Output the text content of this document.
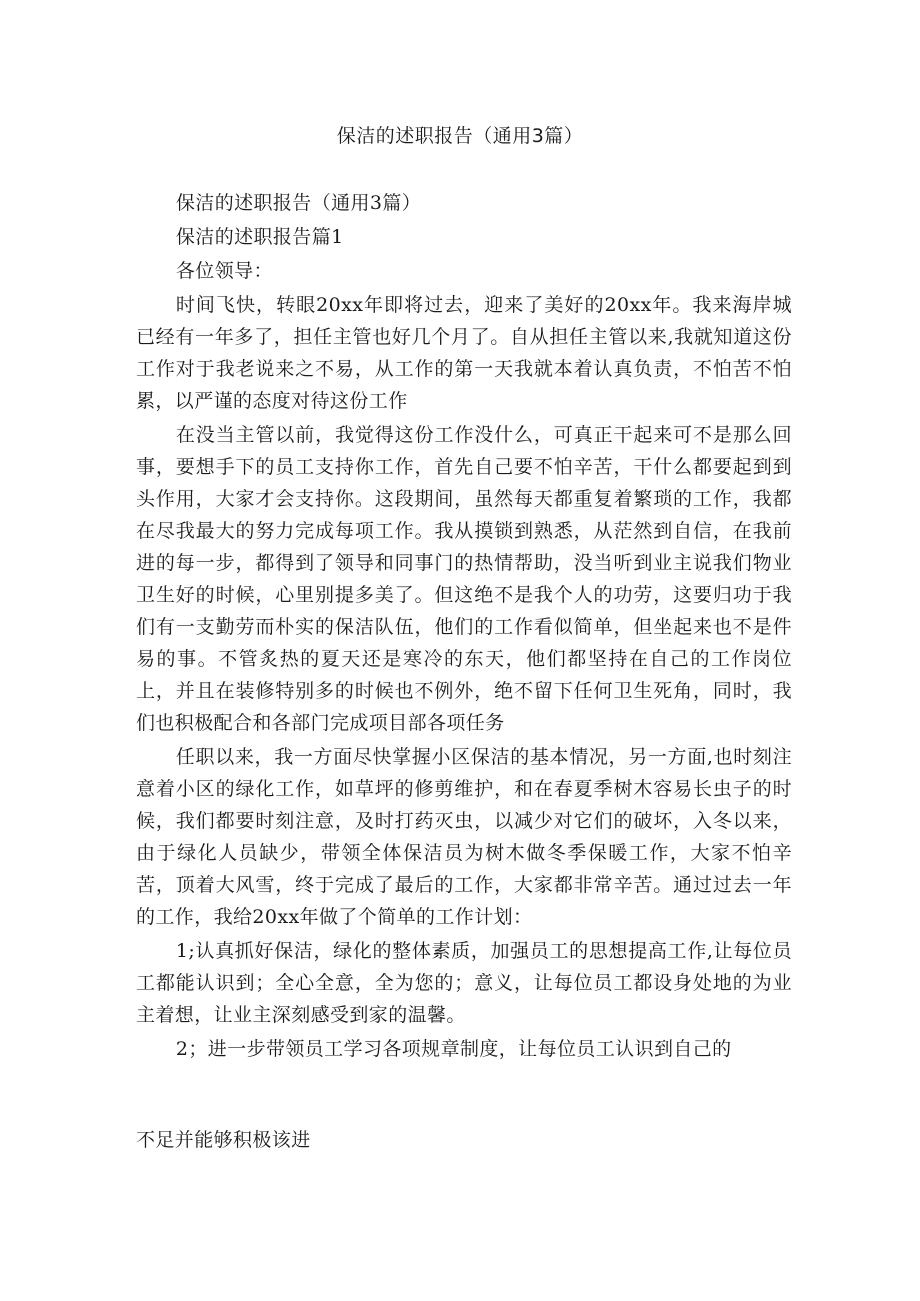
保洁的述职报告（通用3篇）

保洁的述职报告（通用3篇）

保洁的述职报告篇1

各位领导：

时间飞快，转眼20xx年即将过去，迎来了美好的20xx年。我来海岸城已经有一年多了，担任主管也好几个月了。自从担任主管以来,我就知道这份工作对于我老说来之不易，从工作的第一天我就本着认真负责，不怕苦不怕累，以严谨的态度对待这份工作

在没当主管以前，我觉得这份工作没什么，可真正干起来可不是那么回事，要想手下的员工支持你工作，首先自己要不怕辛苦，干什么都要起到到头作用，大家才会支持你。这段期间，虽然每天都重复着繁琐的工作，我都在尽我最大的努力完成每项工作。我从摸锁到熟悉，从茫然到自信，在我前进的每一步，都得到了领导和同事门的热情帮助，没当听到业主说我们物业卫生好的时候，心里别提多美了。但这绝不是我个人的功劳，这要归功于我们有一支勤劳而朴实的保洁队伍，他们的工作看似简单，但坐起来也不是件易的事。不管炙热的夏天还是寒冷的东天，他们都坚持在自己的工作岗位上，并且在装修特别多的时候也不例外，绝不留下任何卫生死角，同时，我们也积极配合和各部门完成项目部各项任务

任职以来，我一方面尽快掌握小区保洁的基本情况，另一方面,也时刻注意着小区的绿化工作，如草坪的修剪维护，和在春夏季树木容易长虫子的时候，我们都要时刻注意，及时打药灭虫，以减少对它们的破坏，入冬以来，由于绿化人员缺少，带领全体保洁员为树木做冬季保暖工作，大家不怕辛苦，顶着大风雪，终于完成了最后的工作，大家都非常辛苦。通过过去一年的工作，我给20xx年做了个简单的工作计划：

1;认真抓好保洁，绿化的整体素质，加强员工的思想提高工作,让每位员工都能认识到；全心全意，全为您的；意义，让每位员工都设身处地的为业主着想，让业主深刻感受到家的温馨。

2；进一步带领员工学习各项规章制度，让每位员工认识到自己的

不足并能够积极该进
